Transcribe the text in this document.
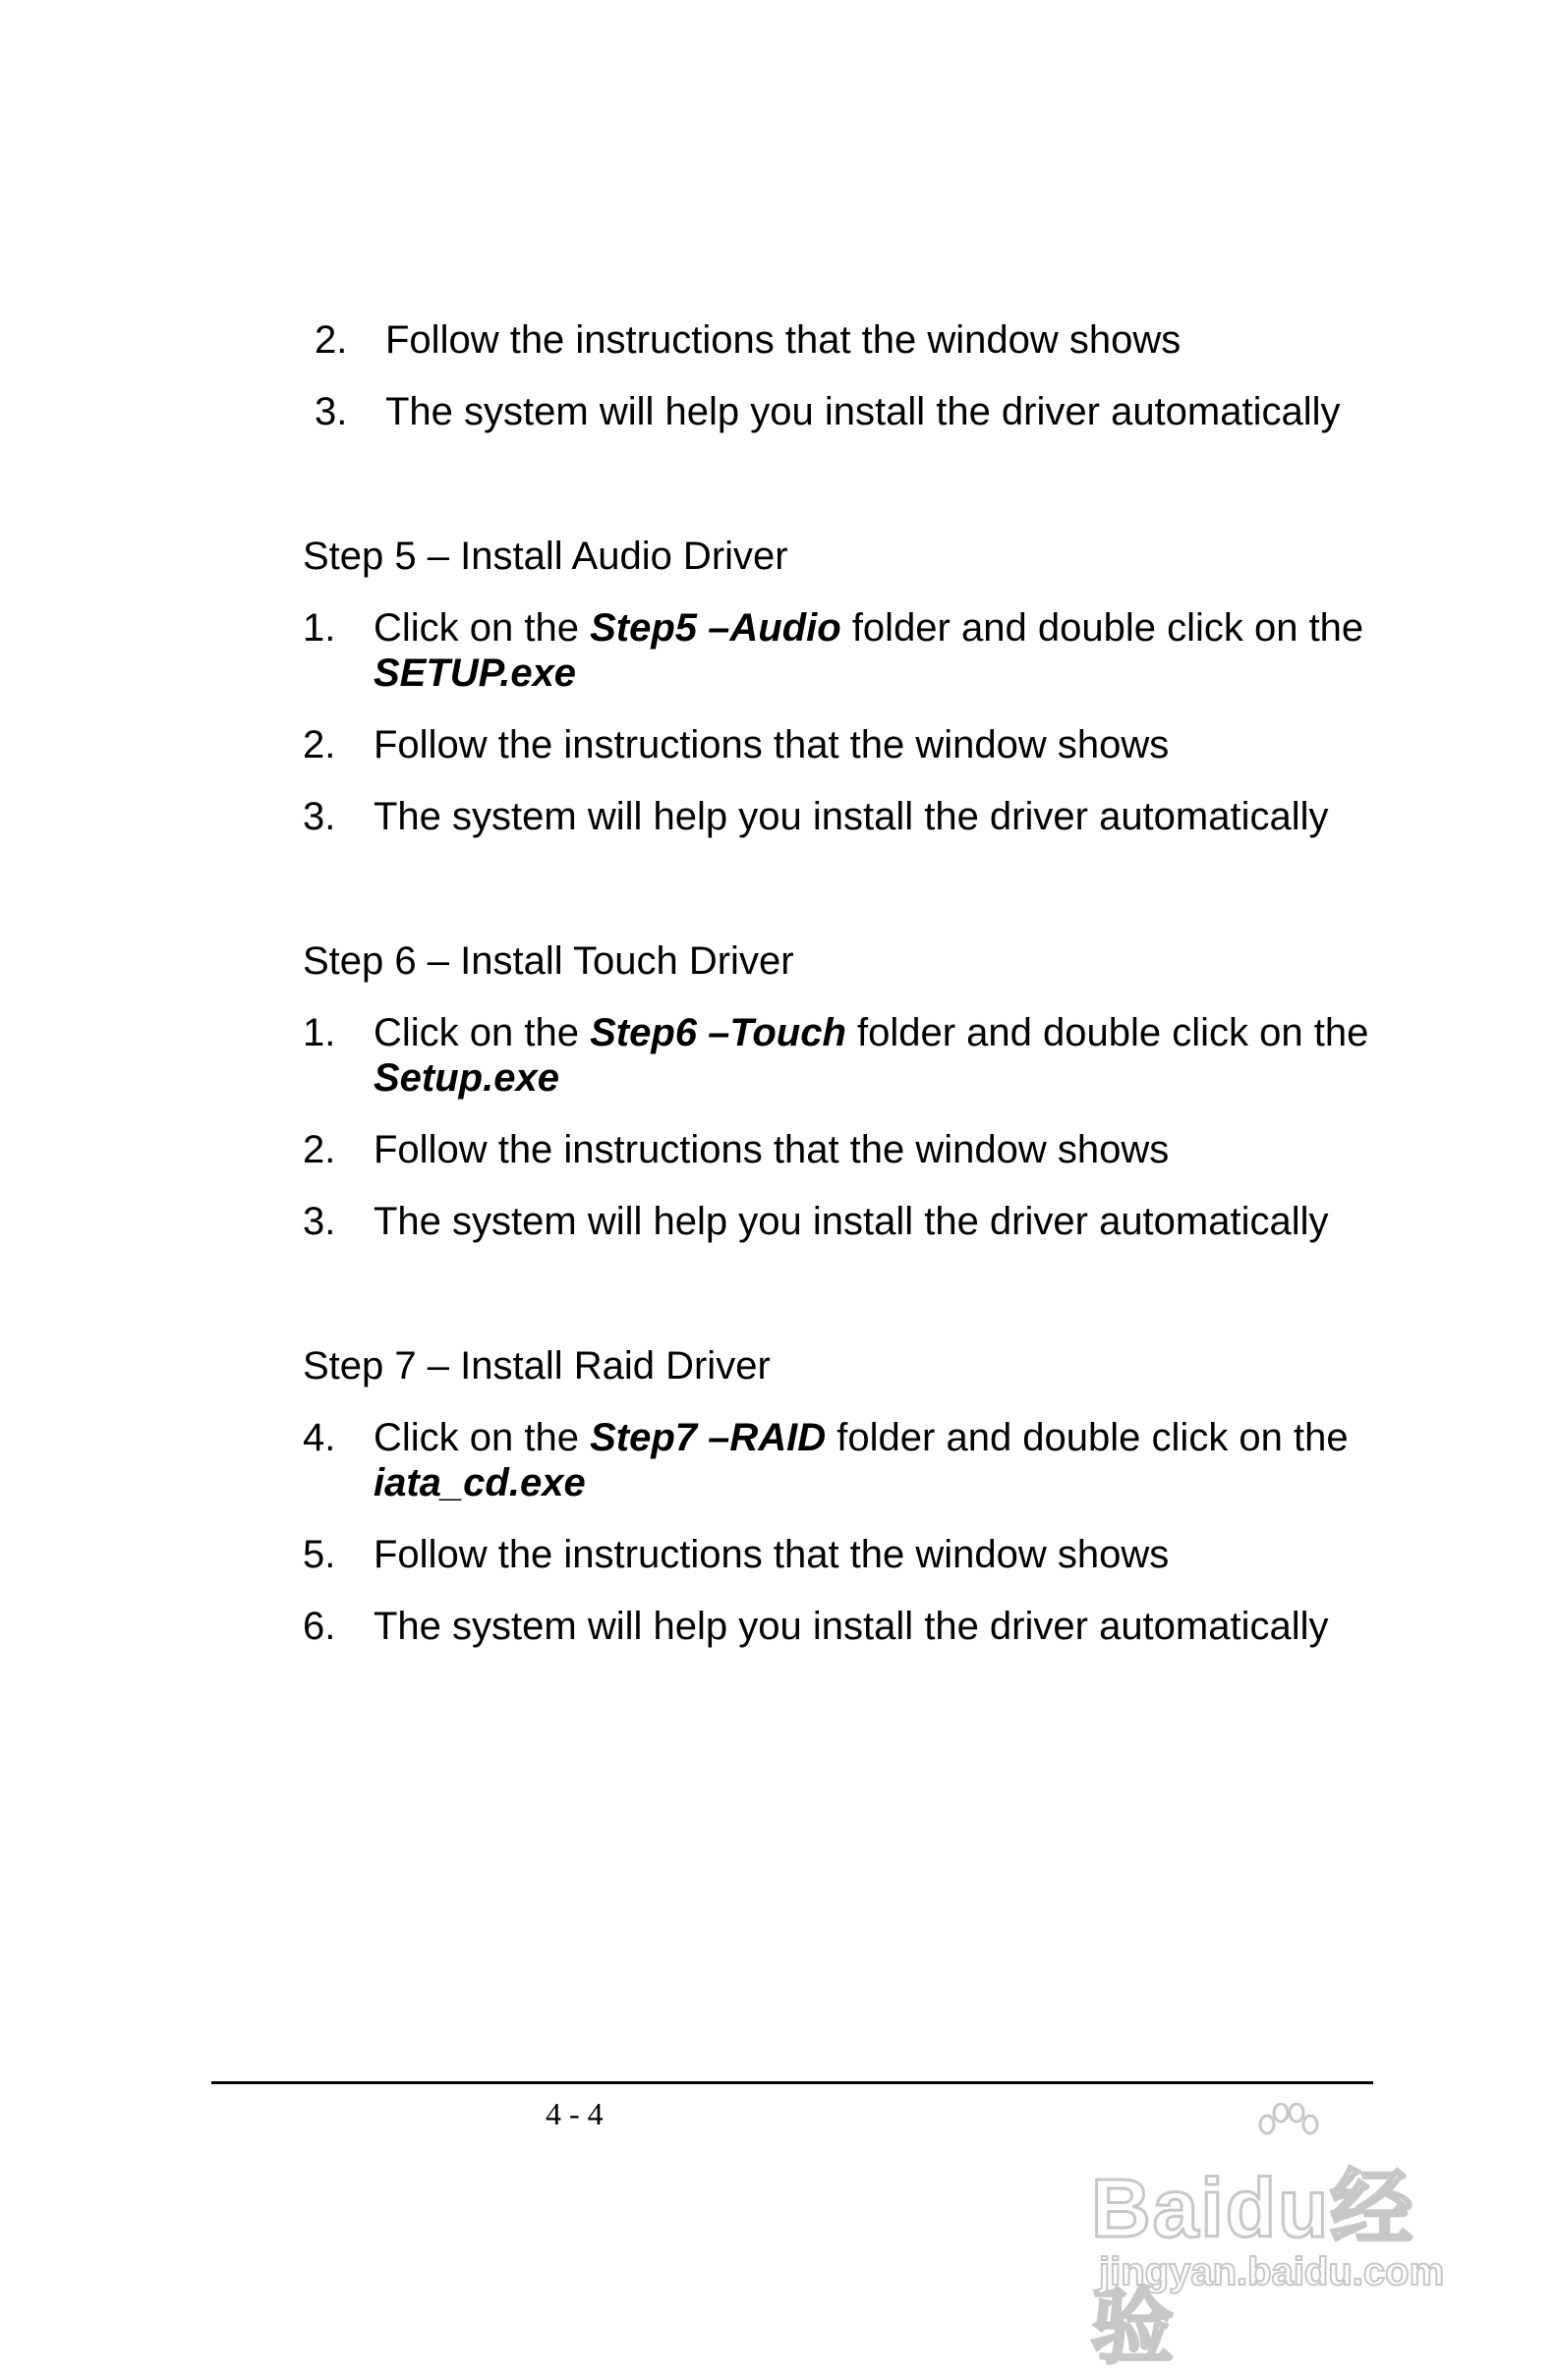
2. Follow the instructions that the window shows
3. The system will help you install the driver automatically
Step 5 – Install Audio Driver
1. Click on the Step5 –Audio folder and double click on the
SETUP.exe
2. Follow the instructions that the window shows
3. The system will help you install the driver automatically
Step 6 – Install Touch Driver
1. Click on the Step6 –Touch folder and double click on the
Setup.exe
2. Follow the instructions that the window shows
3. The system will help you install the driver automatically
Step 7 – Install Raid Driver
4. Click on the Step7 –RAID folder and double click on the
iata_cd.exe
5. Follow the instructions that the window shows
6. The system will help you install the driver automatically
4 - 4
Baidu经验
jingyan.baidu.com
